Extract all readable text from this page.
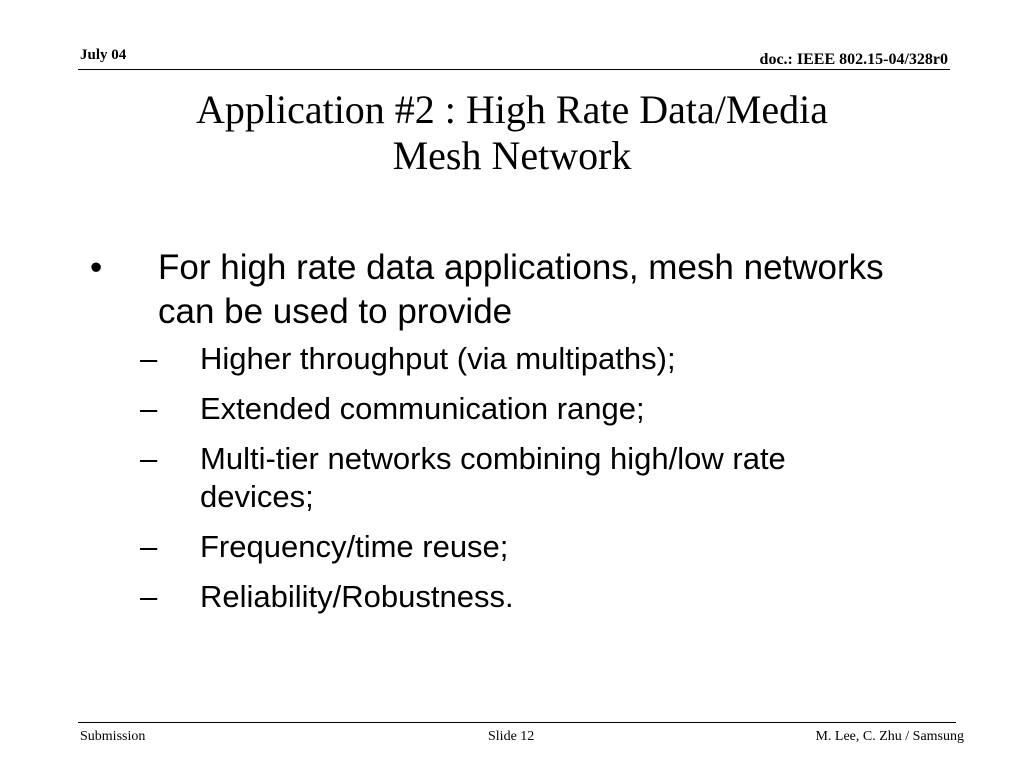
July 04	doc.: IEEE 802.15-04/328r0
Application #2 : High Rate Data/Media
Mesh Network
• For high rate data applications, mesh networks can be used to provide
– Higher throughput (via multipaths);
– Extended communication range;
– Multi-tier networks combining high/low rate devices;
– Frequency/time reuse;
– Reliability/Robustness.
Submission	Slide 12	M. Lee, C. Zhu / Samsung
